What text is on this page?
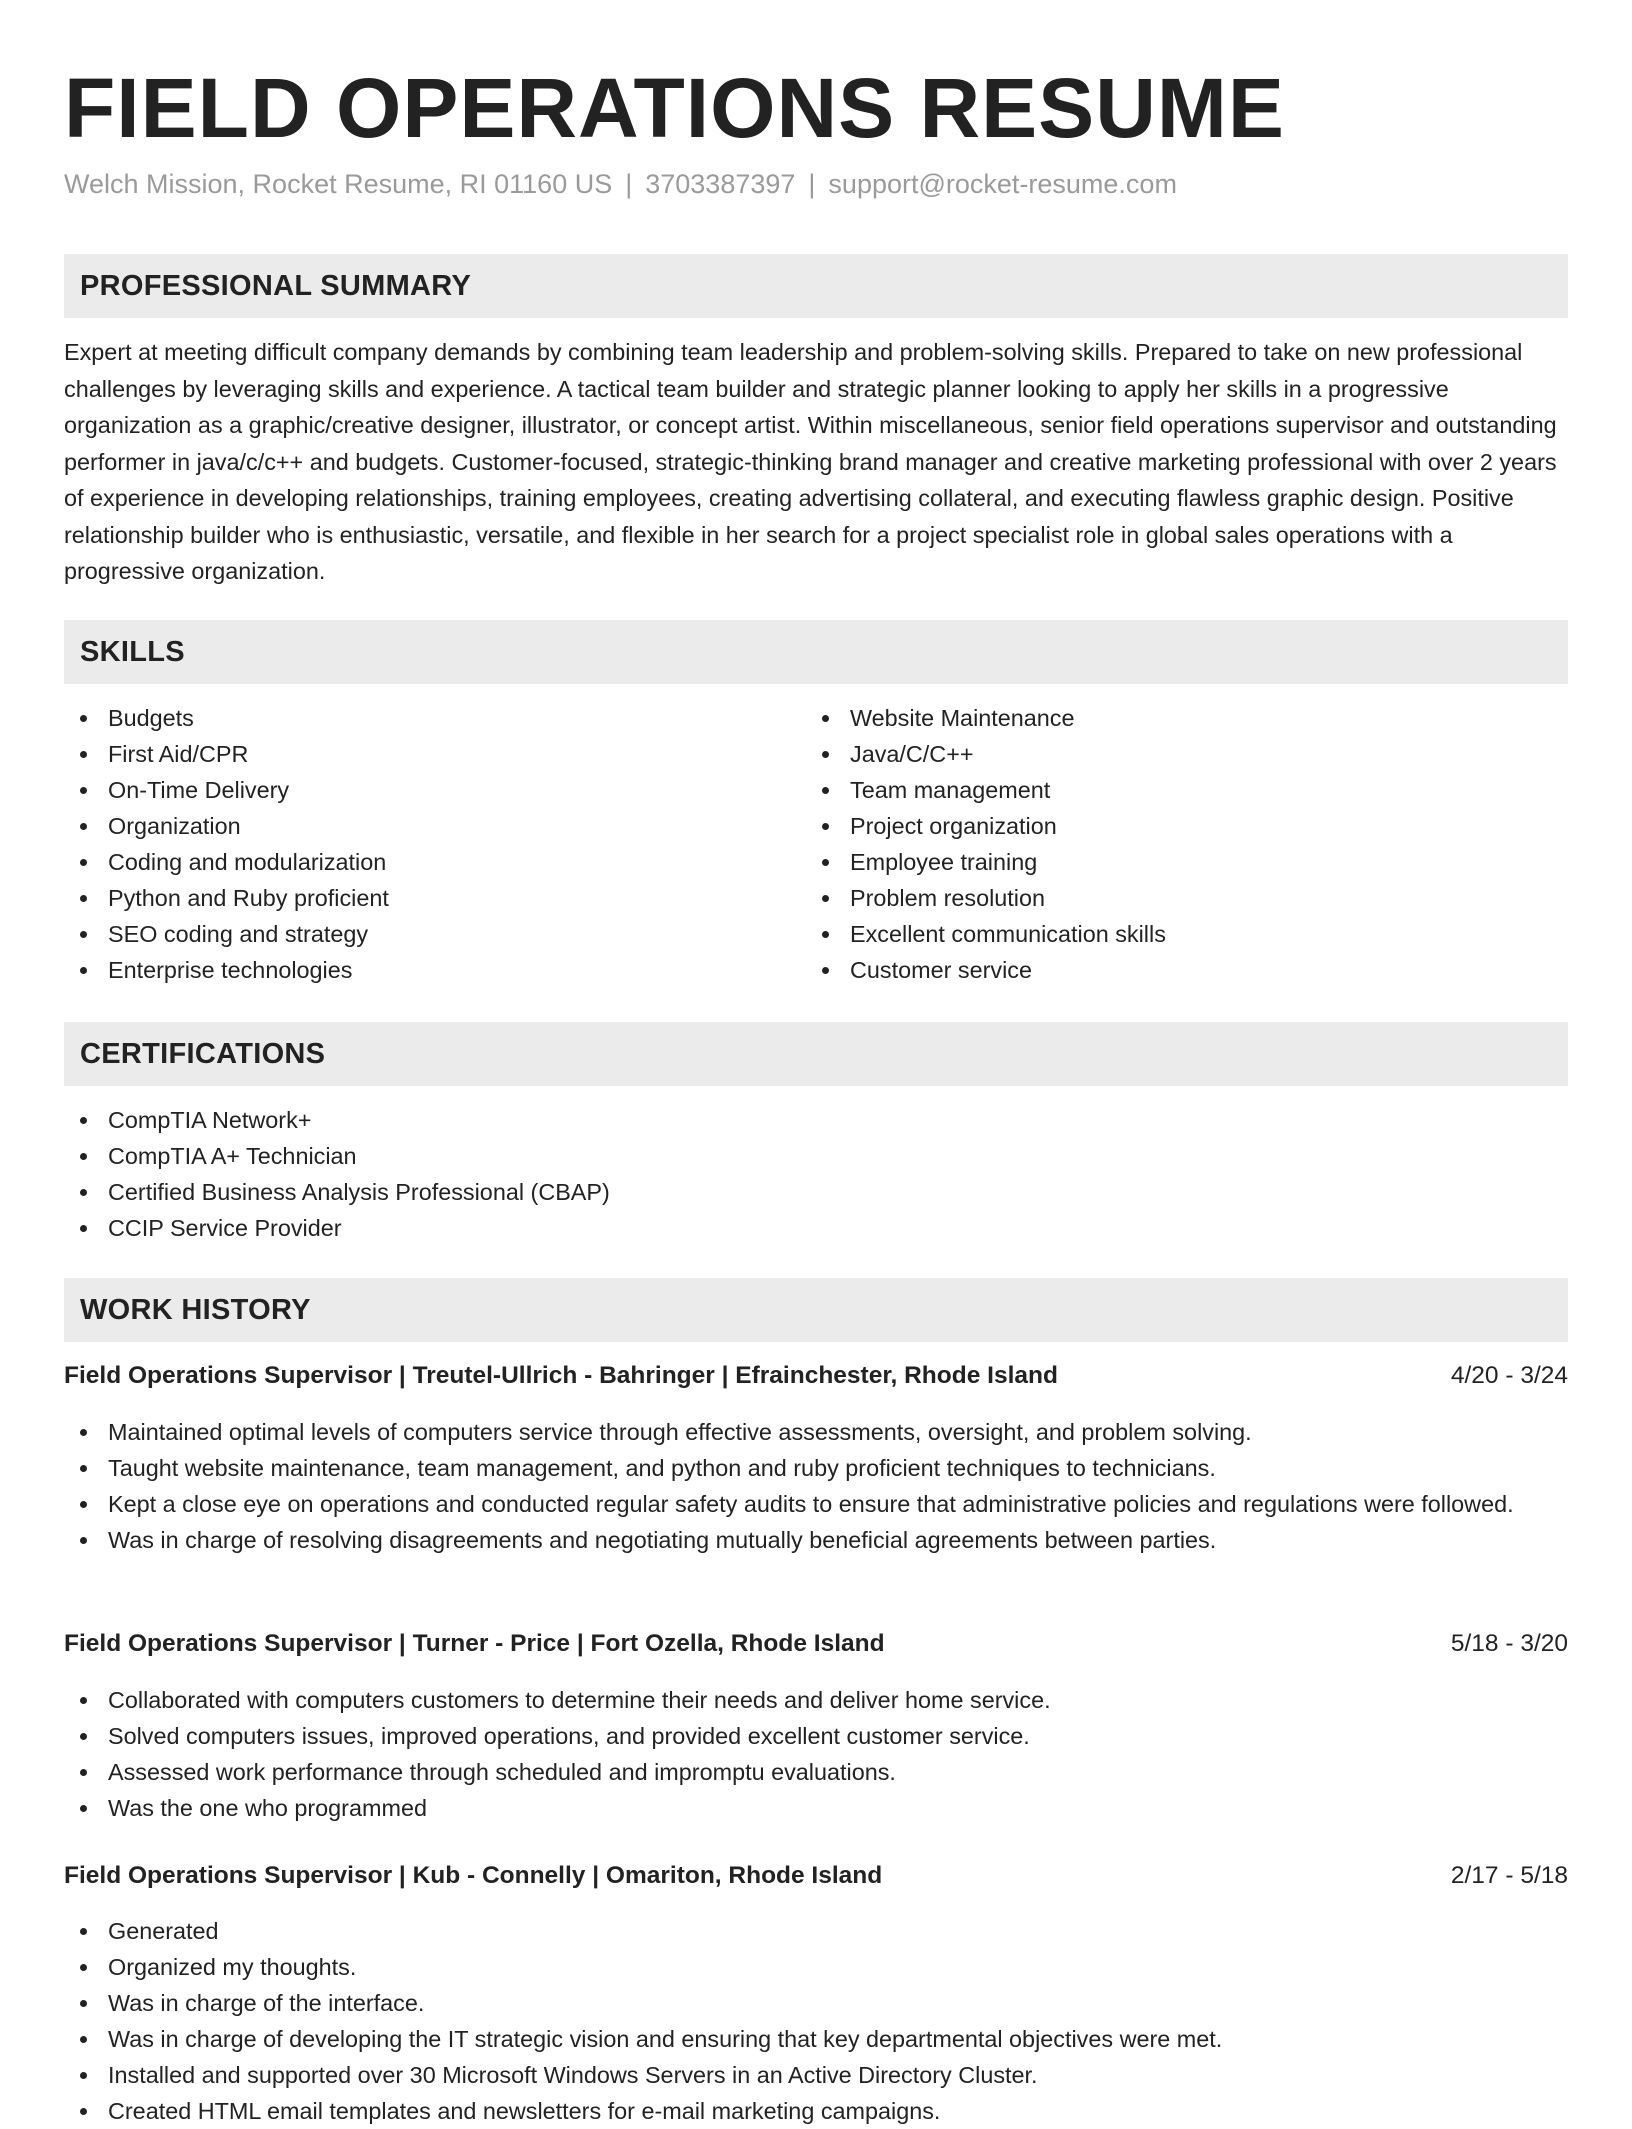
FIELD OPERATIONS RESUME
Welch Mission, Rocket Resume, RI 01160 US | 3703387397 | support@rocket-resume.com
PROFESSIONAL SUMMARY

Expert at meeting difficult company demands by combining team leadership and problem-solving skills. Prepared to take on new professional challenges by leveraging skills and experience. A tactical team builder and strategic planner looking to apply her skills in a progressive organization as a graphic/creative designer, illustrator, or concept artist. Within miscellaneous, senior field operations supervisor and outstanding performer in java/c/c++ and budgets. Customer-focused, strategic-thinking brand manager and creative marketing professional with over 2 years of experience in developing relationships, training employees, creating advertising collateral, and executing flawless graphic design. Positive relationship builder who is enthusiastic, versatile, and flexible in her search for a project specialist role in global sales operations with a progressive organization.

SKILLS
Budgets
First Aid/CPR
On-Time Delivery
Organization
Coding and modularization
Python and Ruby proficient
SEO coding and strategy
Enterprise technologies
Website Maintenance
Java/C/C++
Team management
Project organization
Employee training
Problem resolution
Excellent communication skills
Customer service
CERTIFICATIONS
CompTIA Network+
CompTIA A+ Technician
Certified Business Analysis Professional (CBAP)
CCIP Service Provider
WORK HISTORY
Field Operations Supervisor | Treutel-Ullrich - Bahringer | Efrainchester, Rhode Island	4/20 - 3/24
Maintained optimal levels of computers service through effective assessments, oversight, and problem solving.
Taught website maintenance, team management, and python and ruby proficient techniques to technicians.
Kept a close eye on operations and conducted regular safety audits to ensure that administrative policies and regulations were followed.
Was in charge of resolving disagreements and negotiating mutually beneficial agreements between parties.
Field Operations Supervisor | Turner - Price | Fort Ozella, Rhode Island	5/18 - 3/20
Collaborated with computers customers to determine their needs and deliver home service.
Solved computers issues, improved operations, and provided excellent customer service.
Assessed work performance through scheduled and impromptu evaluations.
Was the one who programmed
Field Operations Supervisor | Kub - Connelly | Omariton, Rhode Island	2/17 - 5/18
Generated
Organized my thoughts.
Was in charge of the interface.
Was in charge of developing the IT strategic vision and ensuring that key departmental objectives were met.
Installed and supported over 30 Microsoft Windows Servers in an Active Directory Cluster.
Created HTML email templates and newsletters for e-mail marketing campaigns.
